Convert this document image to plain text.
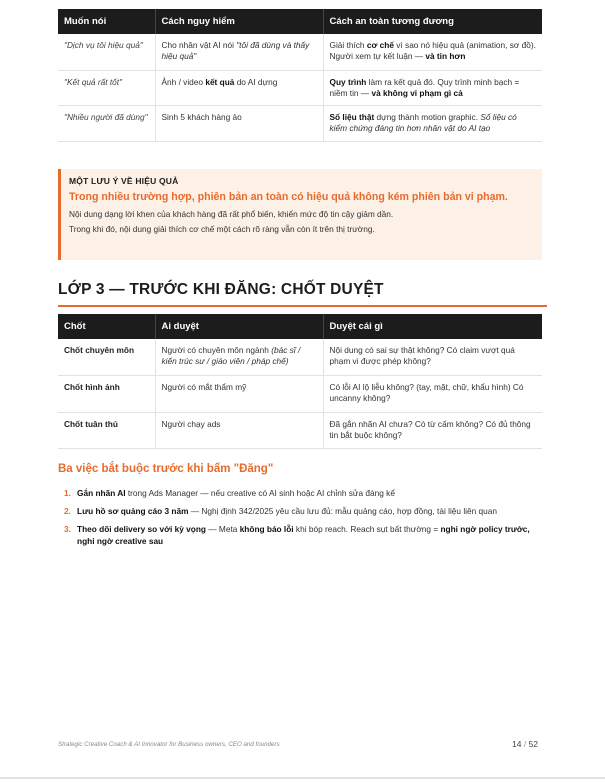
Muốn nói	Cách nguy hiểm	Cách an toàn tương đương
"Dịch vụ tôi hiệu quả"	Cho nhân vật AI nói "tôi đã dùng và thấy hiệu quả"	Giải thích cơ chế vì sao nó hiệu quả (animation, sơ đồ). Người xem tự kết luận — và tin hơn
"Kết quả rất tốt"	Ảnh / video kết quả do AI dựng	Quy trình làm ra kết quả đó. Quy trình minh bạch = niềm tin — và không vi phạm gì cả
"Nhiều người đã dùng"	Sinh 5 khách hàng ảo	Số liệu thật dựng thành motion graphic. Số liệu có kiểm chứng đáng tin hơn nhân vật do AI tạo
MỘT LƯU Ý VỀ HIỆU QUẢ
Trong nhiều trường hợp, phiên bản an toàn có hiệu quả không kém phiên bản vi phạm.
Nội dung dạng lời khen của khách hàng đã rất phổ biến, khiến mức độ tin cậy giảm dần.
Trong khi đó, nội dung giải thích cơ chế một cách rõ ràng vẫn còn ít trên thị trường.
LỚP 3 — TRƯỚC KHI ĐĂNG: CHỐT DUYỆT
Chốt	Ai duyệt	Duyệt cái gì
Chốt chuyên môn	Người có chuyên môn ngành (bác sĩ / kiến trúc sư / giáo viên / pháp chế)	Nội dung có sai sự thật không? Có claim vượt quá phạm vi được phép không?
Chốt hình ảnh	Người có mắt thẩm mỹ	Có lỗi AI lộ liễu không? (tay, mặt, chữ, khẩu hình) Có uncanny không?
Chốt tuân thủ	Người chạy ads	Đã gắn nhãn AI chưa? Có từ cấm không? Có đủ thông tin bắt buộc không?
Ba việc bắt buộc trước khi bấm "Đăng"
1. Gắn nhãn AI trong Ads Manager — nếu creative có AI sinh hoặc AI chỉnh sửa đáng kể
2. Lưu hồ sơ quảng cáo 3 năm — Nghị định 342/2025 yêu cầu lưu đủ: mẫu quảng cáo, hợp đồng, tài liệu liên quan
3. Theo dõi delivery so với kỳ vọng — Meta không báo lỗi khi bóp reach. Reach sụt bất thường = nghi ngờ policy trước, nghi ngờ creative sau
Strategic Creative Coach & AI Innovator for Business owners, CEO and founders	14 / 52
